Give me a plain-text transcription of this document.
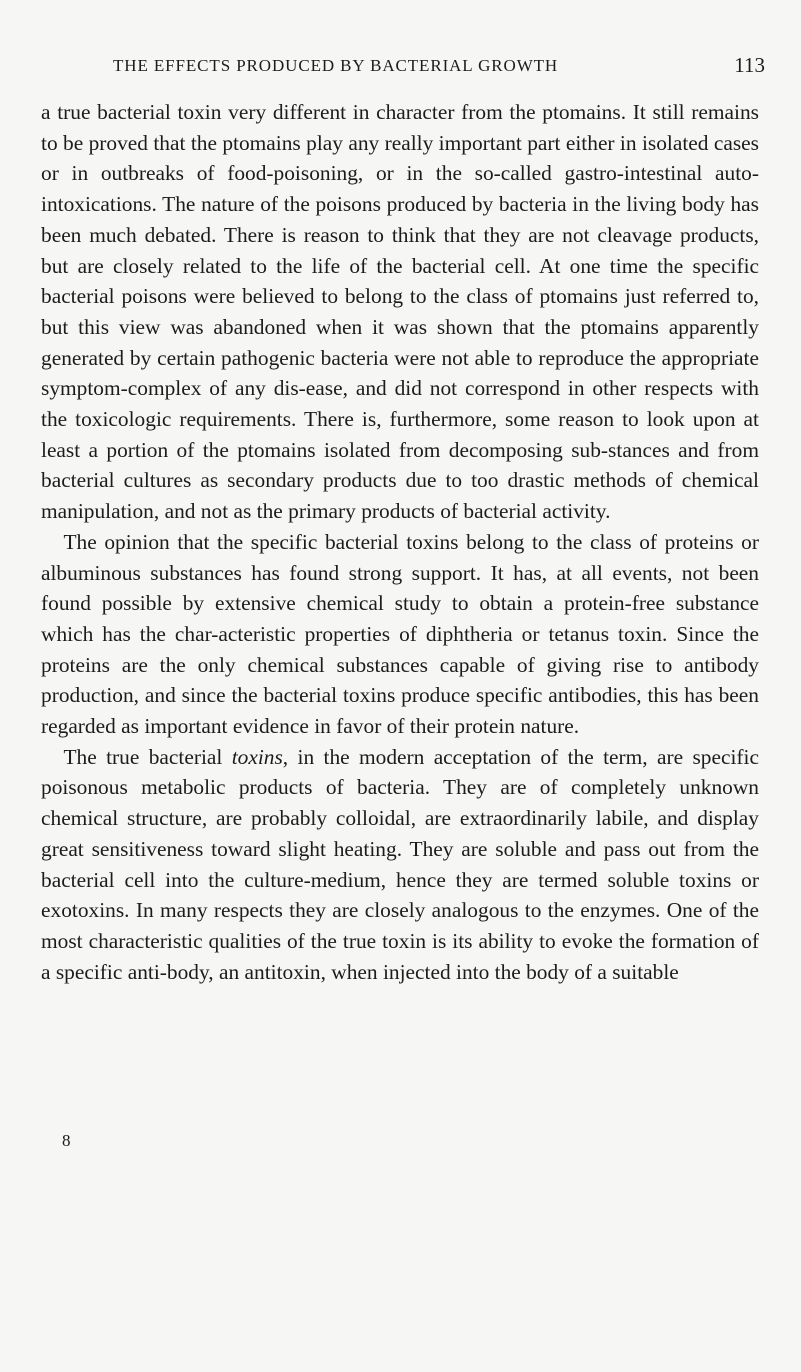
THE EFFECTS PRODUCED BY BACTERIAL GROWTH	113

a true bacterial toxin very different in character from the ptomains. It still remains to be proved that the ptomains play any really important part either in isolated cases or in outbreaks of food-poisoning, or in the so-called gastro-intestinal auto-intoxications. The nature of the poisons produced by bacteria in the living body has been much debated. There is reason to think that they are not cleavage products, but are closely related to the life of the bacterial cell. At one time the specific bacterial poisons were believed to belong to the class of ptomains just referred to, but this view was abandoned when it was shown that the ptomains apparently generated by certain pathogenic bacteria were not able to reproduce the appropriate symptom-complex of any dis-ease, and did not correspond in other respects with the toxicologic requirements. There is, furthermore, some reason to look upon at least a portion of the ptomains isolated from decomposing sub-stances and from bacterial cultures as secondary products due to too drastic methods of chemical manipulation, and not as the primary products of bacterial activity.

The opinion that the specific bacterial toxins belong to the class of proteins or albuminous substances has found strong support. It has, at all events, not been found possible by extensive chemical study to obtain a protein-free substance which has the char-acteristic properties of diphtheria or tetanus toxin. Since the proteins are the only chemical substances capable of giving rise to antibody production, and since the bacterial toxins produce specific antibodies, this has been regarded as important evidence in favor of their protein nature.

The true bacterial toxins, in the modern acceptation of the term, are specific poisonous metabolic products of bacteria. They are of completely unknown chemical structure, are probably colloidal, are extraordinarily labile, and display great sensitiveness toward slight heating. They are soluble and pass out from the bacterial cell into the culture-medium, hence they are termed soluble toxins or exotoxins. In many respects they are closely analogous to the enzymes. One of the most characteristic qualities of the true toxin is its ability to evoke the formation of a specific anti-body, an antitoxin, when injected into the body of a suitable

8
